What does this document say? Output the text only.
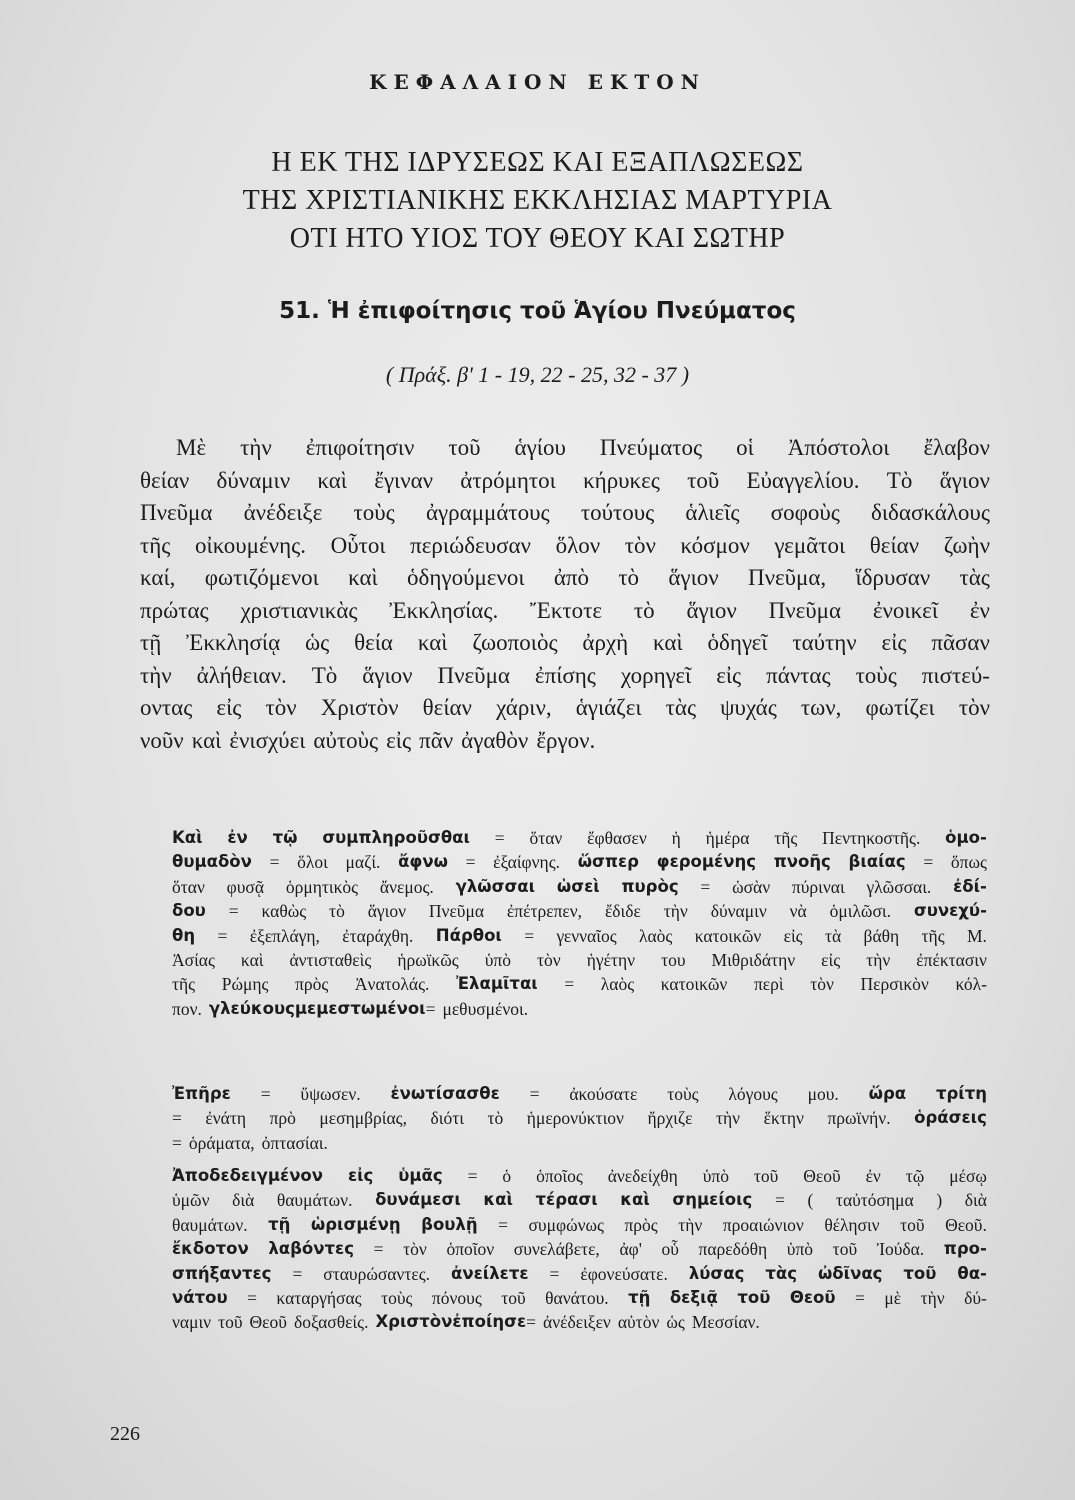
ΚΕΦΑΛΑΙΟΝ ΕΚΤΟΝ
Η ΕΚ ΤΗΣ ΙΔΡΥΣΕΩΣ ΚΑΙ ΕΞΑΠΛΩΣΕΩΣ
ΤΗΣ ΧΡΙΣΤΙΑΝΙΚΗΣ ΕΚΚΛΗΣΙΑΣ ΜΑΡΤΥΡΙΑ
ΟΤΙ ΗΤΟ ΥΙΟΣ ΤΟΥ ΘΕΟΥ ΚΑΙ ΣΩΤΗΡ
51. Ἡ ἐπιφοίτησις τοῦ Ἁγίου Πνεύματος
( Πράξ. β' 1 - 19, 22 - 25, 32 - 37 )
Μὲ τὴν ἐπιφοίτησιν τοῦ ἁγίου Πνεύματος οἱ Ἀπόστολοι ἔλαβον
θείαν δύναμιν καὶ ἔγιναν ἀτρόμητοι κήρυκες τοῦ Εὐαγγελίου. Τὸ ἅγιον
Πνεῦμα ἀνέδειξε τοὺς ἀγραμμάτους τούτους ἁλιεῖς σοφοὺς διδασκάλους
τῆς οἰκουμένης. Οὗτοι περιώδευσαν ὅλον τὸν κόσμον γεμᾶτοι θείαν ζωὴν
καί, φωτιζόμενοι καὶ ὁδηγούμενοι ἀπὸ τὸ ἅγιον Πνεῦμα, ἵδρυσαν τὰς
πρώτας χριστιανικὰς Ἐκκλησίας. Ἔκτοτε τὸ ἅγιον Πνεῦμα ἐνοικεῖ ἐν
τῇ Ἐκκλησίᾳ ὡς θεία καὶ ζωοποιὸς ἀρχὴ καὶ ὁδηγεῖ ταύτην εἰς πᾶσαν
τὴν ἀλήθειαν. Τὸ ἅγιον Πνεῦμα ἐπίσης χορηγεῖ εἰς πάντας τοὺς πιστεύ-
οντας εἰς τὸν Χριστὸν θείαν χάριν, ἁγιάζει τὰς ψυχάς των, φωτίζει τὸν
νοῦν καὶ ἐνισχύει αὐτοὺς εἰς πᾶν ἀγαθὸν ἔργον.
Καὶ ἐν τῷ συμπληροῦσθαι = ὅταν ἔφθασεν ἡ ἡμέρα τῆς Πεντηκοστῆς. ὁμο-
θυμαδὸν = ὅλοι μαζί. ἄφνω = ἐξαίφνης. ὥσπερ φερομένης πνοῆς βιαίας = ὅπως
ὅταν φυσᾷ ὁρμητικὸς ἄνεμος. γλῶσσαι ὡσεὶ πυρὸς = ὡσὰν πύριναι γλῶσσαι. ἐδί-
δου = καθὼς τὸ ἅγιον Πνεῦμα ἐπέτρεπεν, ἔδιδε τὴν δύναμιν νὰ ὁμιλῶσι. συνεχύ-
θη = ἐξεπλάγη, ἐταράχθη. Πάρθοι = γενναῖος λαὸς κατοικῶν εἰς τὰ βάθη τῆς Μ.
Ἀσίας καὶ ἀντισταθεὶς ἡρωϊκῶς ὑπὸ τὸν ἡγέτην του Μιθριδάτην εἰς τὴν ἐπέκτασιν
τῆς Ρώμης πρὸς Ἀνατολάς. Ἐλαμῖται = λαὸς κατοικῶν περὶ τὸν Περσικὸν κόλ-
πον. γλεύκους μεμεστωμένοι = μεθυσμένοι.
Ἐπῆρε = ὕψωσεν. ἐνωτίσασθε = ἀκούσατε τοὺς λόγους μου. ὥρα τρίτη
= ἐνάτη πρὸ μεσημβρίας, διότι τὸ ἡμερονύκτιον ἤρχιζε τὴν ἕκτην πρωϊνήν. ὁράσεις
= ὁράματα, ὀπτασίαι.
Ἀποδεδειγμένον εἰς ὑμᾶς = ὁ ὁποῖος ἀνεδείχθη ὑπὸ τοῦ Θεοῦ ἐν τῷ μέσῳ
ὑμῶν διὰ θαυμάτων. δυνάμεσι καὶ τέρασι καὶ σημείοις = ( ταὐτόσημα ) διὰ
θαυμάτων. τῇ ὡρισμένῃ βουλῇ = συμφώνως πρὸς τὴν προαιώνιον θέλησιν τοῦ Θεοῦ.
ἔκδοτον λαβόντες = τὸν ὁποῖον συνελάβετε, ἀφ' οὗ παρεδόθη ὑπὸ τοῦ Ἰούδα. προ-
σπήξαντες = σταυρώσαντες. ἀνείλετε = ἐφονεύσατε. λύσας τὰς ὠδῖνας τοῦ θα-
νάτου = καταργήσας τοὺς πόνους τοῦ θανάτου. τῇ δεξιᾷ τοῦ Θεοῦ = μὲ τὴν δύ-
ναμιν τοῦ Θεοῦ δοξασθείς. Χριστὸν ἐποίησε = ἀνέδειξεν αὐτὸν ὡς Μεσσίαν.
226
